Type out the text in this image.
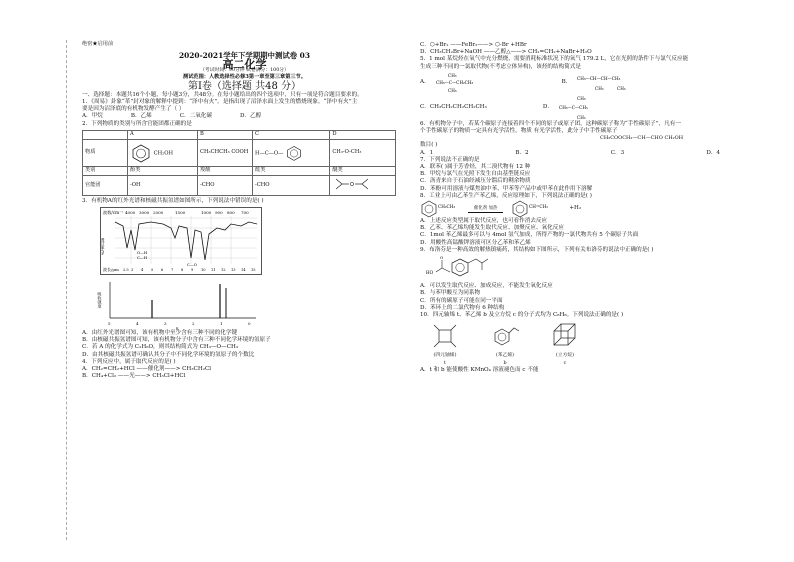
绝密★启用前
2020-2021学年下学期期中测试卷 03
高二化学
（考试时间：90分钟 试卷满分：100分）
测试范围：人教选择性必修3第一章至第三章第三节。
第Ⅰ卷（选择题 共48 分）

一、选择题：本题共16个小题，每小题3分，共48分。在每小题给出的四个选项中，只有一项是符合题目要求的。

1．《周易》卦象“革”封对象的解释中提到：“泽中有火”。是指出现了沼泽水面上发生的燃烧现象。“泽中有火”主

要是因为沼泽底的有机物发酵产生了（ ）

A．甲烷	B．乙烯	C．二氧化碳	D．乙醇

2．下列物质的类别与所含官能团都正确的是

	A	B	C	D
物质	CH₂OH	CH₃CHCH₃ COOH	H—C—O—	CH₃-O-CH₃
类别	酚类	羧酸	醛类	醚类
官能团	-OH	-CHO	-CHO	O

3．有机物A的红外光谱和核磁共振氢谱如图所示，下列说法中错误的是( )

波数/cm⁻¹ 4000 3000 2000	1500	1000 900 800 700
透过率/%	O—H
C—H
C—O
波长/μm 2.5 3 4 5 6 7 8 9 10 11 12 13 14 15
吸收强度
5	4	3	2	1	0
δ

A．由红外光谱图可知，该有机物中至少含有三种不同的化学键

B．由核磁共振氢谱图可知，该有机物分子中含有三种不同化学环境的氢原子

C．若 A 的化学式为 C₂H₆O，则其结构简式为 CH₃—O—CH₃

D．由其核磁共振氢谱可确认其分子中不同化学环境的氢原子的个数比

4．下列反应中，属于取代反应的是( )

A．CH₂=CH₂+HCl ——催化剂——> CH₃CH₂Cl

B．CH₄+Cl₂ ——光——> CH₃Cl+HCl

C．⬡+Br₂ ——FeBr₃——> ⬡-Br +HBr

D．CH₃CH₂Br+NaOH ——乙醇△——> CH₂=CH₂+NaBr+H₂O

5．1 mol 某烷烃在氧气中充分燃烧，需要消耗标准状况下的氧气 179.2 L，它在光照的条件下与氯气反应能

生成三种不同的一氯取代物(不考虑立体异构)，该烃的结构简式是

A． CH₃—C—CH₂CH₃
CH₃
CH₃
B．
CH₃—CH—CH—CH₃
CH₃	CH₃
C．CH₃CH₂CH₂CH₂CH₃	D．
CH₃
CH₃—C—CH₃
CH₃

6．有机物分子中，若某个碳原子连接着四个不同的原子或原子团，这种碳原子称为“手性碳原子”，凡有一

个手性碳原子的物质一定具有光学活性，物质 有光学活性，此分子中手性碳原子

CH₃COOCH₂—CH—CHO CH₂OH

数目( )

A．1	B．2	C．3	D．4

7．下列说法不正确的是

A．联苯( )属于芳香烃，其二溴代物有 12 种

B．甲烷与氯气在光照下发生自由基型链反应

C．沥青来自于石油经减压分馏后的剩余物质

D．苯酚可用溶液与煤焦油中苯、甲苯等产品中或甲苯在此作用下溶解

8．工业上可由乙苯生产苯乙烯，反应原理如下，下列说法正确的是( )

CH₂CH₃	催化剂 加热	CH=CH₂	+H₂

A．上述反应类型属于取代反应，也可看作消去反应

B．乙苯、苯乙烯均能发生取代反应、加聚反应、氧化反应

C．1mol 苯乙烯最多可以与 4mol 氢气加成，所得产物的一氯代物共有 5 个碳原子共面

D．用酸性高锰酸钾溶液可区分乙苯和苯乙烯

9．布洛芬是一种高效的解热镇痛药，其结构如下图所示，下列有关布洛芬的说法中正确的是( )

HO
O

A．可以发生取代反应、加成反应，不能发生氧化反应

B．与苯甲酸互为同系物

C．所有的碳原子可能在同一平面

D．苯环上的二氯代物有 6 种结构

10．四元轴烯 t、苯乙烯 b 及立方烷 c 的分子式均为 C₈H₈。下列说法正确的是( )

(四元轴烯)
t
(苯乙烯)
b
(立方烷)
c

A．t 和 b 能使酸性 KMnO₄ 溶液褪色而 c 不能
